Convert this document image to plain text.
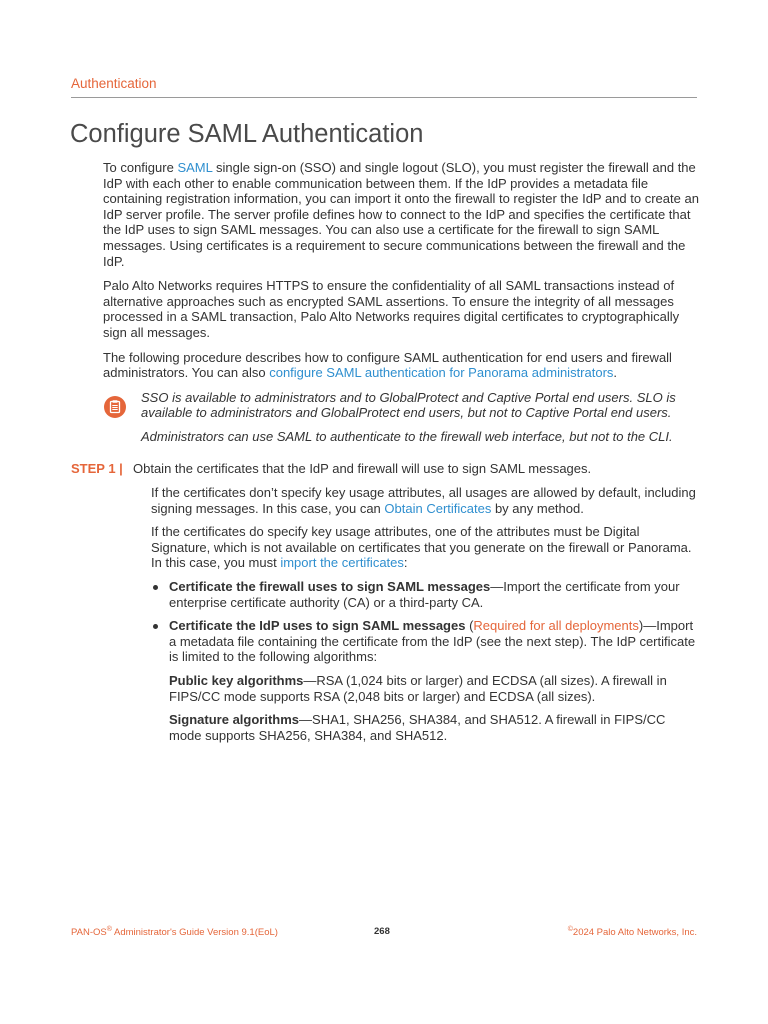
Authentication
Configure SAML Authentication

To configure SAML single sign-on (SSO) and single logout (SLO), you must register the firewall and the IdP with each other to enable communication between them. If the IdP provides a metadata file containing registration information, you can import it onto the firewall to register the IdP and to create an IdP server profile. The server profile defines how to connect to the IdP and specifies the certificate that the IdP uses to sign SAML messages. You can also use a certificate for the firewall to sign SAML messages. Using certificates is a requirement to secure communications between the firewall and the IdP.

Palo Alto Networks requires HTTPS to ensure the confidentiality of all SAML transactions instead of alternative approaches such as encrypted SAML assertions. To ensure the integrity of all messages processed in a SAML transaction, Palo Alto Networks requires digital certificates to cryptographically sign all messages.

The following procedure describes how to configure SAML authentication for end users and firewall administrators. You can also configure SAML authentication for Panorama administrators.

SSO is available to administrators and to GlobalProtect and Captive Portal end users. SLO is available to administrators and GlobalProtect end users, but not to Captive Portal end users.

Administrators can use SAML to authenticate to the firewall web interface, but not to the CLI.

STEP 1 | Obtain the certificates that the IdP and firewall will use to sign SAML messages.

If the certificates don’t specify key usage attributes, all usages are allowed by default, including signing messages. In this case, you can Obtain Certificates by any method.

If the certificates do specify key usage attributes, one of the attributes must be Digital Signature, which is not available on certificates that you generate on the firewall or Panorama. In this case, you must import the certificates:

Certificate the firewall uses to sign SAML messages—Import the certificate from your enterprise certificate authority (CA) or a third-party CA.
Certificate the IdP uses to sign SAML messages (Required for all deployments)—Import a metadata file containing the certificate from the IdP (see the next step). The IdP certificate is limited to the following algorithms:

Public key algorithms—RSA (1,024 bits or larger) and ECDSA (all sizes). A firewall in FIPS/CC mode supports RSA (2,048 bits or larger) and ECDSA (all sizes).

Signature algorithms—SHA1, SHA256, SHA384, and SHA512. A firewall in FIPS/CC mode supports SHA256, SHA384, and SHA512.

PAN-OS® Administrator's Guide Version 9.1(EoL)	268	©2024 Palo Alto Networks, Inc.
